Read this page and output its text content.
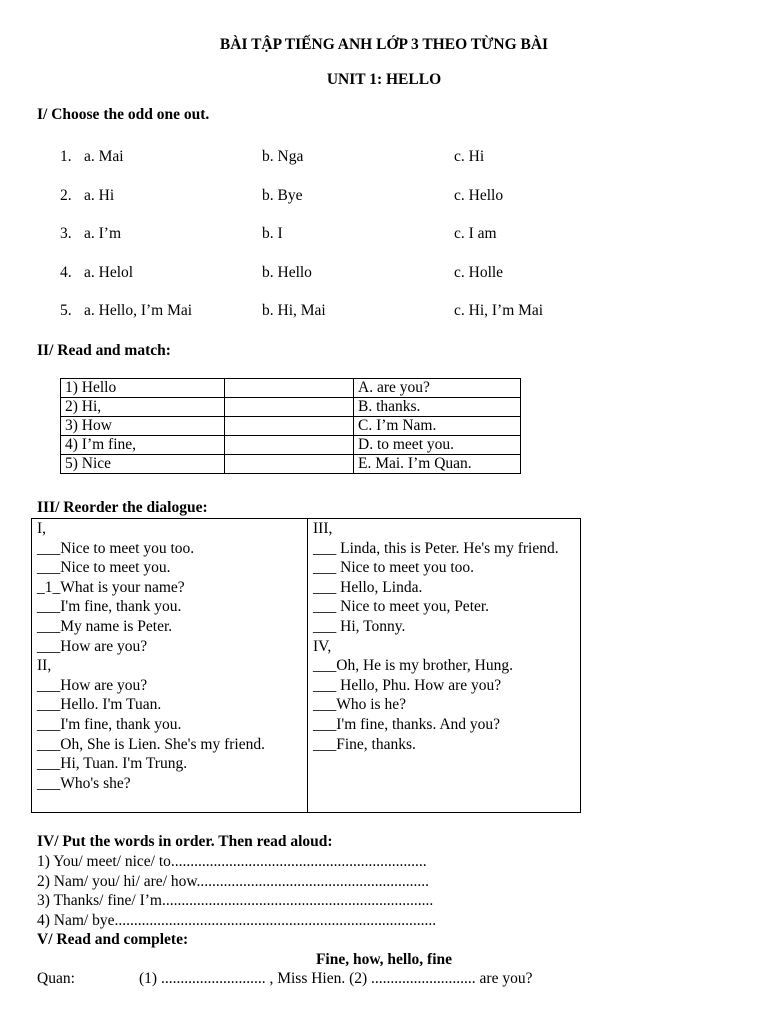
BÀI TẬP TIẾNG ANH LỚP 3 THEO TỪNG BÀI
UNIT 1: HELLO
I/ Choose the odd one out.
1. a. Mai	b. Nga	c. Hi
2. a. Hi	b. Bye	c. Hello
3. a. I’m	b. I	c. I am
4. a. Helol	b. Hello	c. Holle
5. a. Hello, I’m Mai	b. Hi, Mai	c. Hi, I’m Mai
II/ Read and match:
1) Hello		A. are you?
2) Hi,		B. thanks.
3) How		C. I’m Nam.
4) I’m fine,		D. to meet you.
5) Nice		E. Mai. I’m Quan.
III/ Reorder the dialogue:
I,
___Nice to meet you too.
___Nice to meet you.
_1_What is your name?
___I'm fine, thank you.
___My name is Peter.
___How are you?
II,
___How are you?
___Hello. I'm Tuan.
___I'm fine, thank you.
___Oh, She is Lien. She's my friend.
___Hi, Tuan. I'm Trung.
___Who's she?
III,
___ Linda, this is Peter. He's my friend.
___ Nice to meet you too.
___ Hello, Linda.
___ Nice to meet you, Peter.
___ Hi, Tonny.
IV,
___Oh, He is my brother, Hung.
___ Hello, Phu. How are you?
___Who is he?
___I'm fine, thanks. And you?
___Fine, thanks.
IV/ Put the words in order. Then read aloud:
1) You/ meet/ nice/ to..................................................................
2) Nam/ you/ hi/ are/ how............................................................
3) Thanks/ fine/ I’m......................................................................
4) Nam/ bye...................................................................................
V/ Read and complete:
Fine, how, hello, fine
Quan:	(1) ........................... , Miss Hien. (2) ........................... are you?
